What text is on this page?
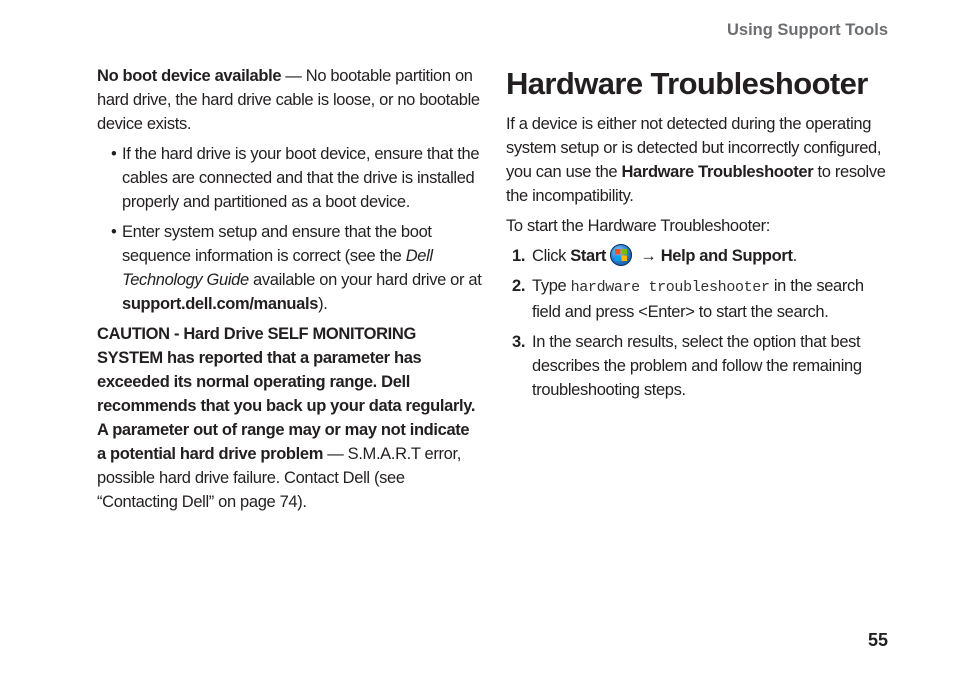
Using Support Tools

No boot device available — No bootable partition on hard drive, the hard drive cable is loose, or no bootable device exists.

• If the hard drive is your boot device, ensure that the cables are connected and that the drive is installed properly and partitioned as a boot device.
• Enter system setup and ensure that the boot sequence information is correct (see the Dell Technology Guide available on your hard drive or at support.dell.com/manuals).

CAUTION - Hard Drive SELF MONITORING SYSTEM has reported that a parameter has exceeded its normal operating range. Dell recommends that you back up your data regularly. A parameter out of range may or may not indicate a potential hard drive problem — S.M.A.R.T error, possible hard drive failure. Contact Dell (see “Contacting Dell” on page 74).

Hardware Troubleshooter

If a device is either not detected during the operating system setup or is detected but incorrectly configured, you can use the Hardware Troubleshooter to resolve the incompatibility.

To start the Hardware Troubleshooter:

1. Click Start
→ Help and Support.
2. Type hardware troubleshooter in the search field and press <Enter> to start the search.
3. In the search results, select the option that best describes the problem and follow the remaining troubleshooting steps.
55
